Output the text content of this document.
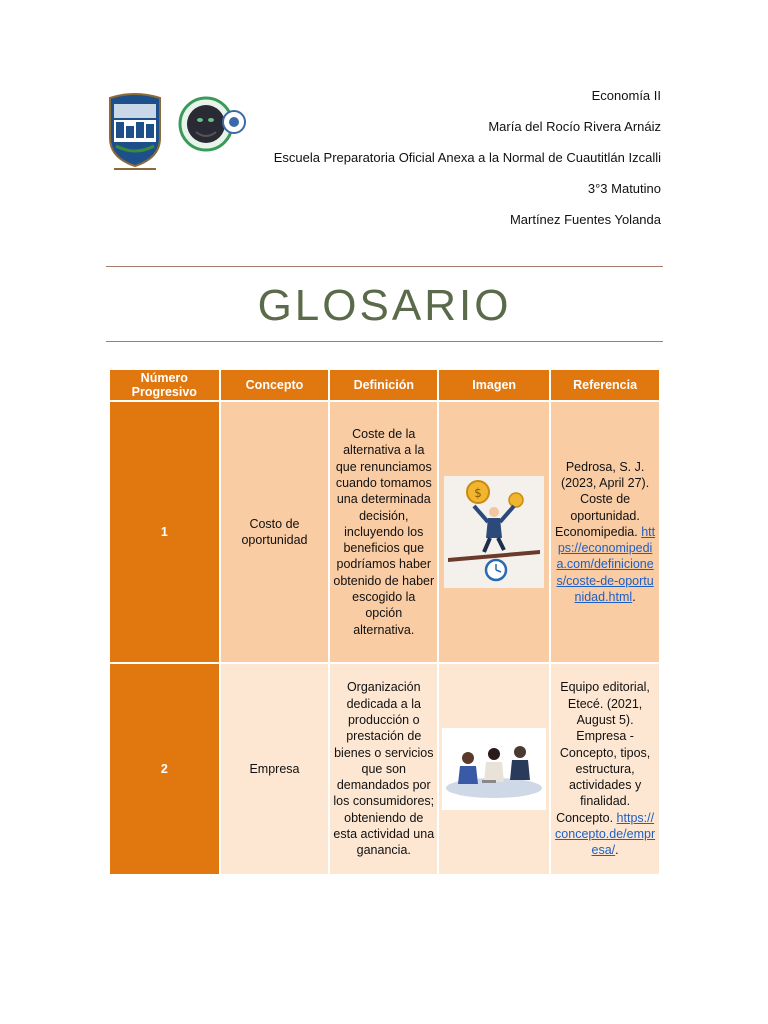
Economía II
María del Rocío Rivera Arnáiz
Escuela Preparatoria Oficial Anexa a la Normal de Cuautitlán Izcalli
3°3 Matutino
Martínez Fuentes Yolanda
GLOSARIO
Número Progresivo	Concepto	Definición	Imagen	Referencia
1	Costo de oportunidad	Coste de la alternativa a la que renunciamos cuando tomamos una determinada decisión, incluyendo los beneficios que podríamos haber obtenido de haber escogido la opción alternativa.	$	Pedrosa, S. J. (2023, April 27). Coste de oportunidad. Economipedia. https://economipedia.com/definiciones/coste-de-oportunidad.html.
2	Empresa	Organización dedicada a la producción o prestación de bienes o servicios que son demandados por los consumidores; obteniendo de esta actividad una ganancia.		Equipo editorial, Etecé. (2021, August 5). Empresa - Concepto, tipos, estructura, actividades y finalidad. Concepto. https://concepto.de/empresa/.
